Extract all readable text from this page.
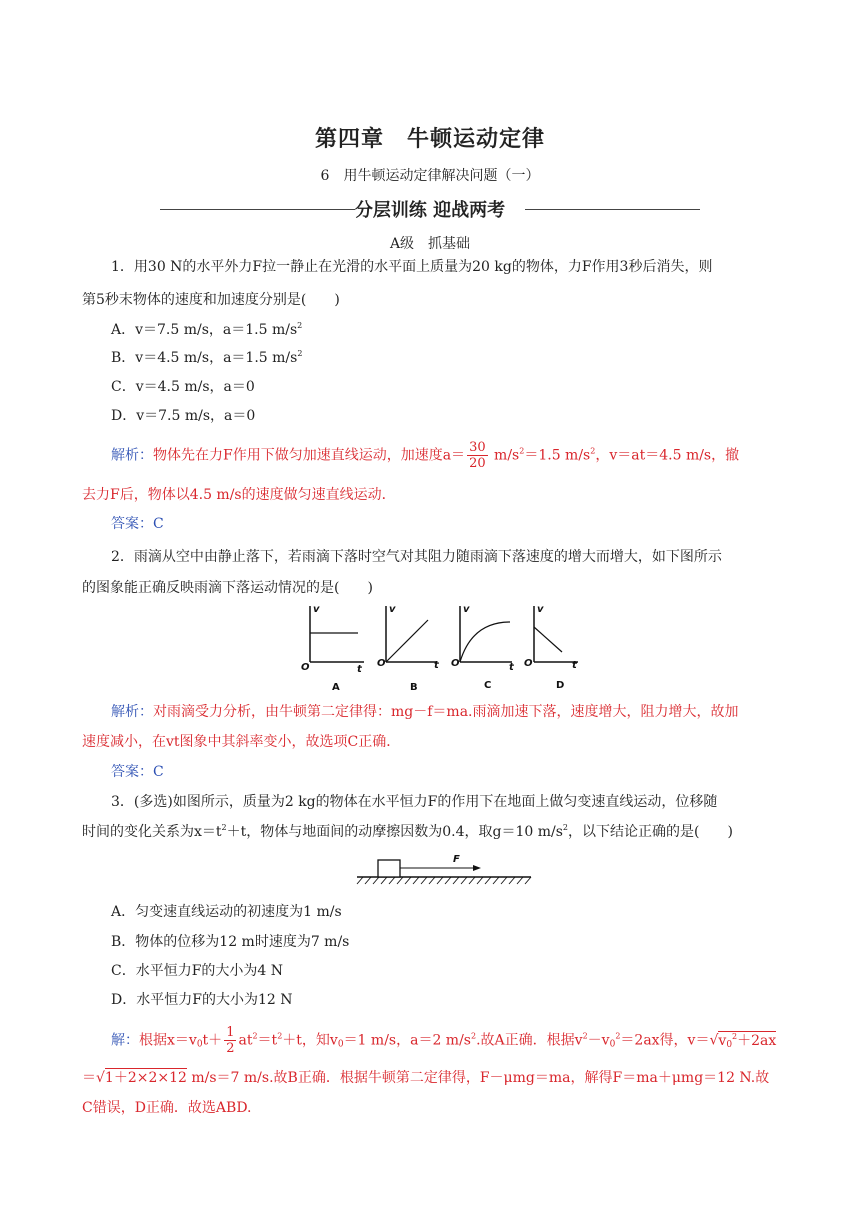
第四章　牛顿运动定律
6　用牛顿运动定律解决问题（一）
分层训练 迎战两考
A级　抓基础
1．用30 N的水平外力F拉一静止在光滑的水平面上质量为20 kg的物体，力F作用3秒后消失，则
第5秒末物体的速度和加速度分别是(　　)
A．v＝7.5 m/s，a＝1.5 $m/s^2$
B．v＝4.5 m/s，a＝1.5 $m/s^2$
C．v＝4.5 m/s，a＝0
D．v＝7.5 m/s，a＝0
解析：物体先在力F作用下做匀加速直线运动，加速度$a= \frac{30}{20} m/s^2=1.5$ $m/s^2$，v＝at＝4.5 m/s，撤
去力F后，物体以4.5 m/s的速度做匀速直线运动．
答案：C
2．雨滴从空中由静止落下，若雨滴下落时空气对其阻力随雨滴下落速度的增大而增大，如下图所示
的图象能正确反映雨滴下落运动情况的是(　　)
v
t
O
A
v
t
O
B
v
t
O
C
v
t
O
D
解析：对雨滴受力分析，由牛顿第二定律得：mg－f＝ma.雨滴加速下落，速度增大，阻力增大，故加
速度减小，在vt图象中其斜率变小，故选项C正确．
答案：C
3．(多选)如图所示，质量为2 kg的物体在水平恒力F的作用下在地面上做匀变速直线运动，位移随
时间的变化关系为$x=t^2+t$，物体与地面间的动摩擦因数为0.4，取g＝10 $m/s^2$，以下结论正确的是(　　)
F
A．匀变速直线运动的初速度为1 m/s
B．物体的位移为12 m时速度为7 m/s
C．水平恒力F的大小为4 N
D．水平恒力F的大小为12 N
解：根据$x=v_0t+ \frac{1}{2} at^2=t^2+t$，知$v_0=1$ m/s，a＝2 $m/s^2$.故A正确．根据$v^2-v_0^2=2ax$得，$v=√v_0^2+2ax$
＝√1＋2×2×12 m/s＝7 m/s.故B正确．根据牛顿第二定律得，F－μmg＝ma，解得F＝ma＋μmg＝12 N.故
C错误，D正确．故选ABD.
